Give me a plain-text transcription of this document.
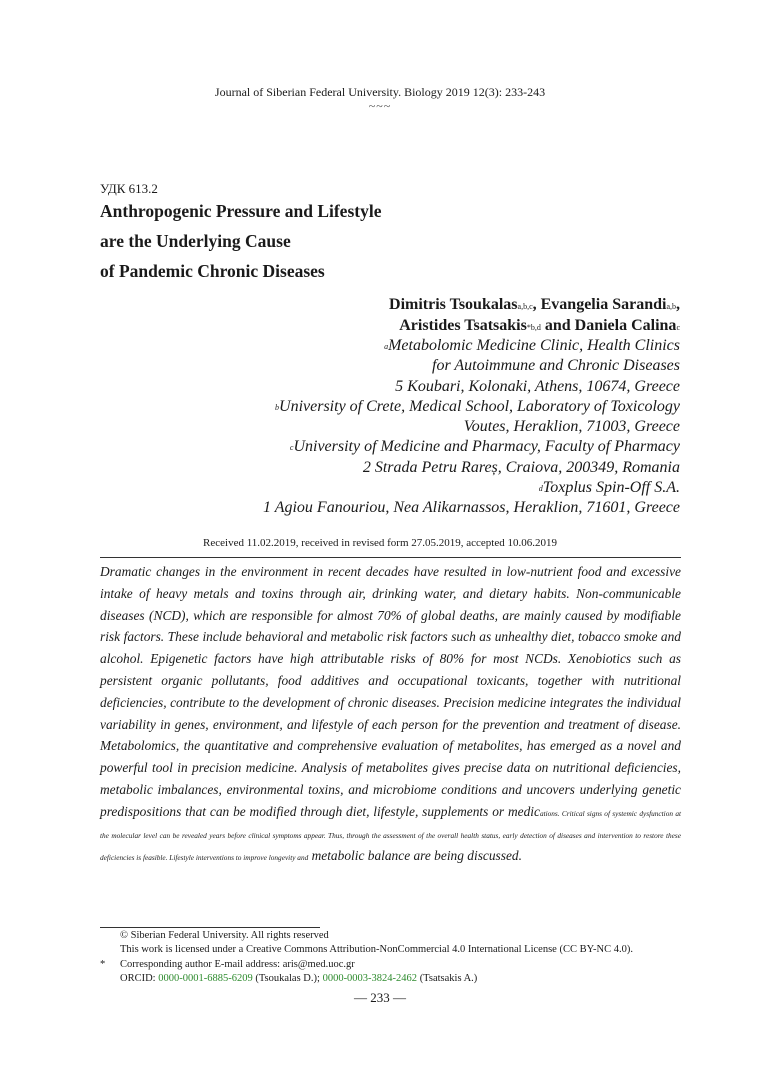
Journal of Siberian Federal University. Biology 2019 12(3): 233-243
~~~
УДК 613.2
Anthropogenic Pressure and Lifestyle
are the Underlying Cause
of Pandemic Chronic Diseases
Dimitris Tsoukalas$^{a,b,c}$, Evangelia Sarandi$^{a,b}$,
Aristides Tsatsakis$^{*b,d}$ and Daniela Calina$^c$
$^a$Metabolomic Medicine Clinic, Health Clinics
for Autoimmune and Chronic Diseases
5 Koubari, Kolonaki, Athens, 10674, Greece
$^b$University of Crete, Medical School, Laboratory of Toxicology
Voutes, Heraklion, 71003, Greece
$^c$University of Medicine and Pharmacy, Faculty of Pharmacy
2 Strada Petru Rareș, Craiova, 200349, Romania
$^d$Toxplus Spin-Off S.A.
1 Agiou Fanouriou, Nea Alikarnassos, Heraklion, 71601, Greece
Received 11.02.2019, received in revised form 27.05.2019, accepted 10.06.2019
Dramatic changes in the environment in recent decades have resulted in low-nutrient food and excessive intake of heavy metals and toxins through air, drinking water, and dietary habits. Non-communicable diseases (NCD), which are responsible for almost 70% of global deaths, are mainly caused by modifiable risk factors. These include behavioral and metabolic risk factors such as unhealthy diet, tobacco smoke and alcohol. Epigenetic factors have high attributable risks of 80% for most NCDs. Xenobiotics such as persistent organic pollutants, food additives and occupational toxicants, together with nutritional deficiencies, contribute to the development of chronic diseases. Precision medicine integrates the individual variability in genes, environment, and lifestyle of each person for the prevention and treatment of disease. Metabolomics, the quantitative and comprehensive evaluation of metabolites, has emerged as a novel and powerful tool in precision medicine. Analysis of metabolites gives precise data on nutritional deficiencies, metabolic imbalances, environmental toxins, and microbiome conditions and uncovers underlying genetic predispositions that can be modified through diet, lifestyle, supplements or medications. Critical signs of systemic dysfunction at the molecular level can be revealed years before clinical symptoms appear. Thus, through the assessment of the overall health status, early detection of diseases and intervention to restore these deficiencies is feasible. Lifestyle interventions to improve longevity and metabolic balance are being discussed.
© Siberian Federal University. All rights reserved
This work is licensed under a Creative Commons Attribution-NonCommercial 4.0 International License (CC BY-NC 4.0).
* Corresponding author E-mail address: aris@med.uoc.gr
ORCID: 0000-0001-6885-6209 (Tsoukalas D.); 0000-0003-3824-2462 (Tsatsakis A.)
— 233 —
